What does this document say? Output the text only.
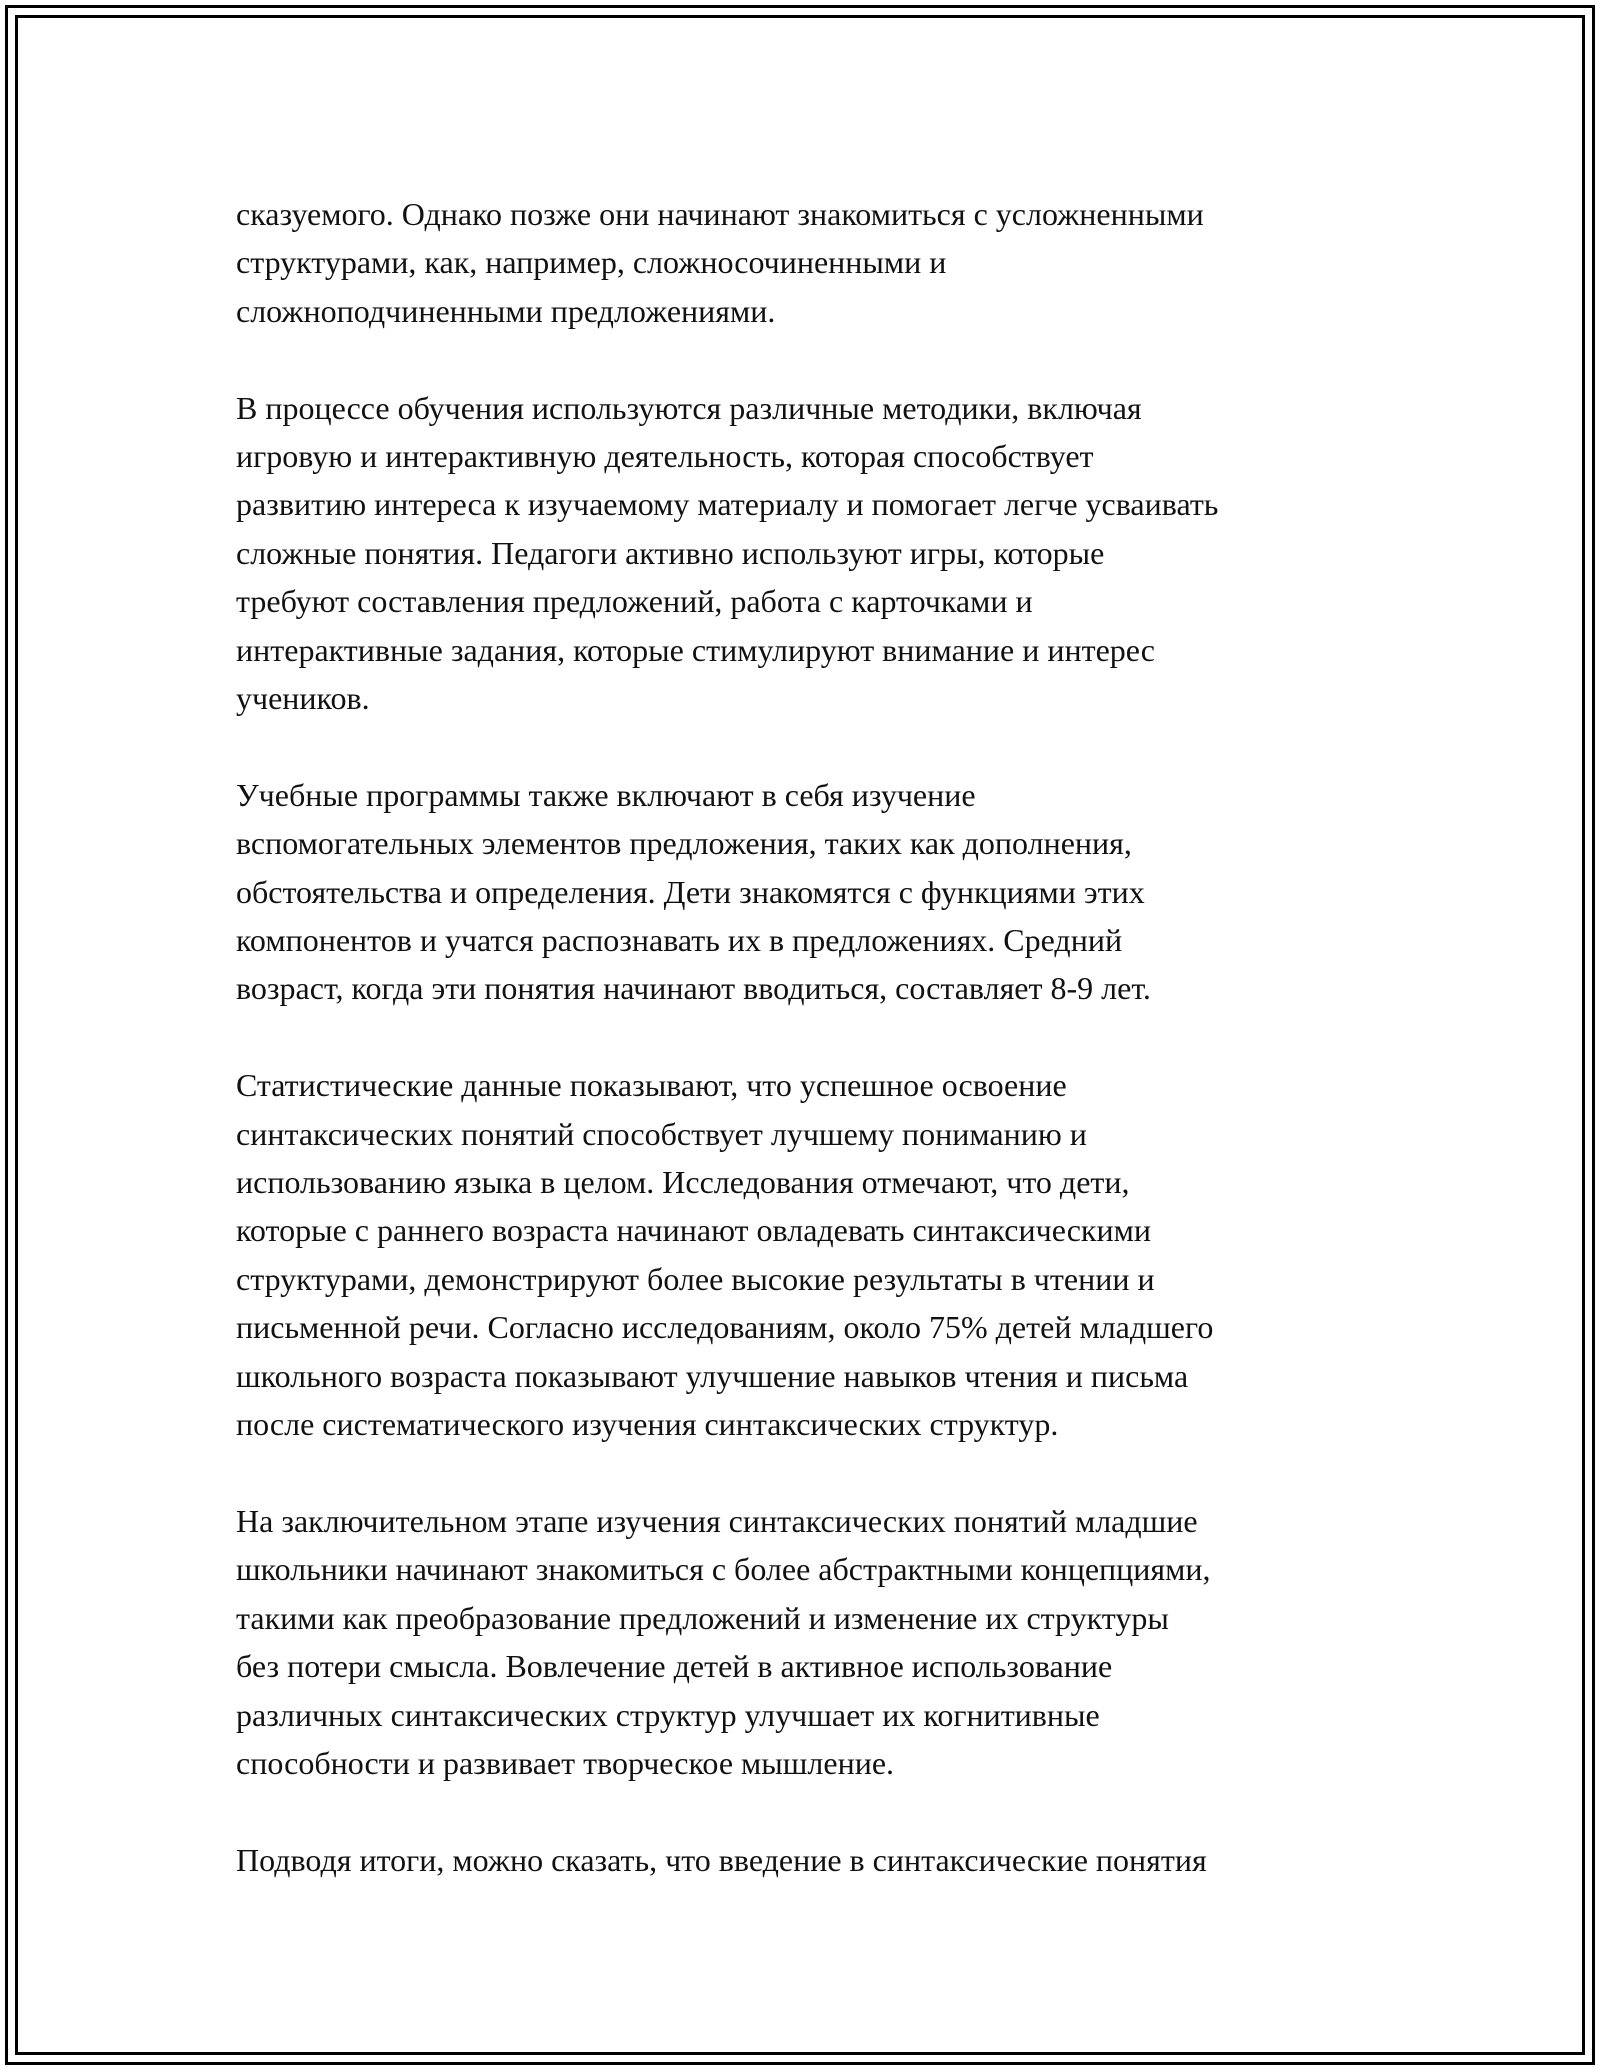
сказуемого. Однако позже они начинают знакомиться с усложненными
структурами, как, например, сложносочиненными и
сложноподчиненными предложениями.

В процессе обучения используются различные методики, включая
игровую и интерактивную деятельность, которая способствует
развитию интереса к изучаемому материалу и помогает легче усваивать
сложные понятия. Педагоги активно используют игры, которые
требуют составления предложений, работа с карточками и
интерактивные задания, которые стимулируют внимание и интерес
учеников.

Учебные программы также включают в себя изучение
вспомогательных элементов предложения, таких как дополнения,
обстоятельства и определения. Дети знакомятся с функциями этих
компонентов и учатся распознавать их в предложениях. Средний
возраст, когда эти понятия начинают вводиться, составляет 8-9 лет.

Статистические данные показывают, что успешное освоение
синтаксических понятий способствует лучшему пониманию и
использованию языка в целом. Исследования отмечают, что дети,
которые с раннего возраста начинают овладевать синтаксическими
структурами, демонстрируют более высокие результаты в чтении и
письменной речи. Согласно исследованиям, около 75% детей младшего
школьного возраста показывают улучшение навыков чтения и письма
после систематического изучения синтаксических структур.

На заключительном этапе изучения синтаксических понятий младшие
школьники начинают знакомиться с более абстрактными концепциями,
такими как преобразование предложений и изменение их структуры
без потери смысла. Вовлечение детей в активное использование
различных синтаксических структур улучшает их когнитивные
способности и развивает творческое мышление.

Подводя итоги, можно сказать, что введение в синтаксические понятия
